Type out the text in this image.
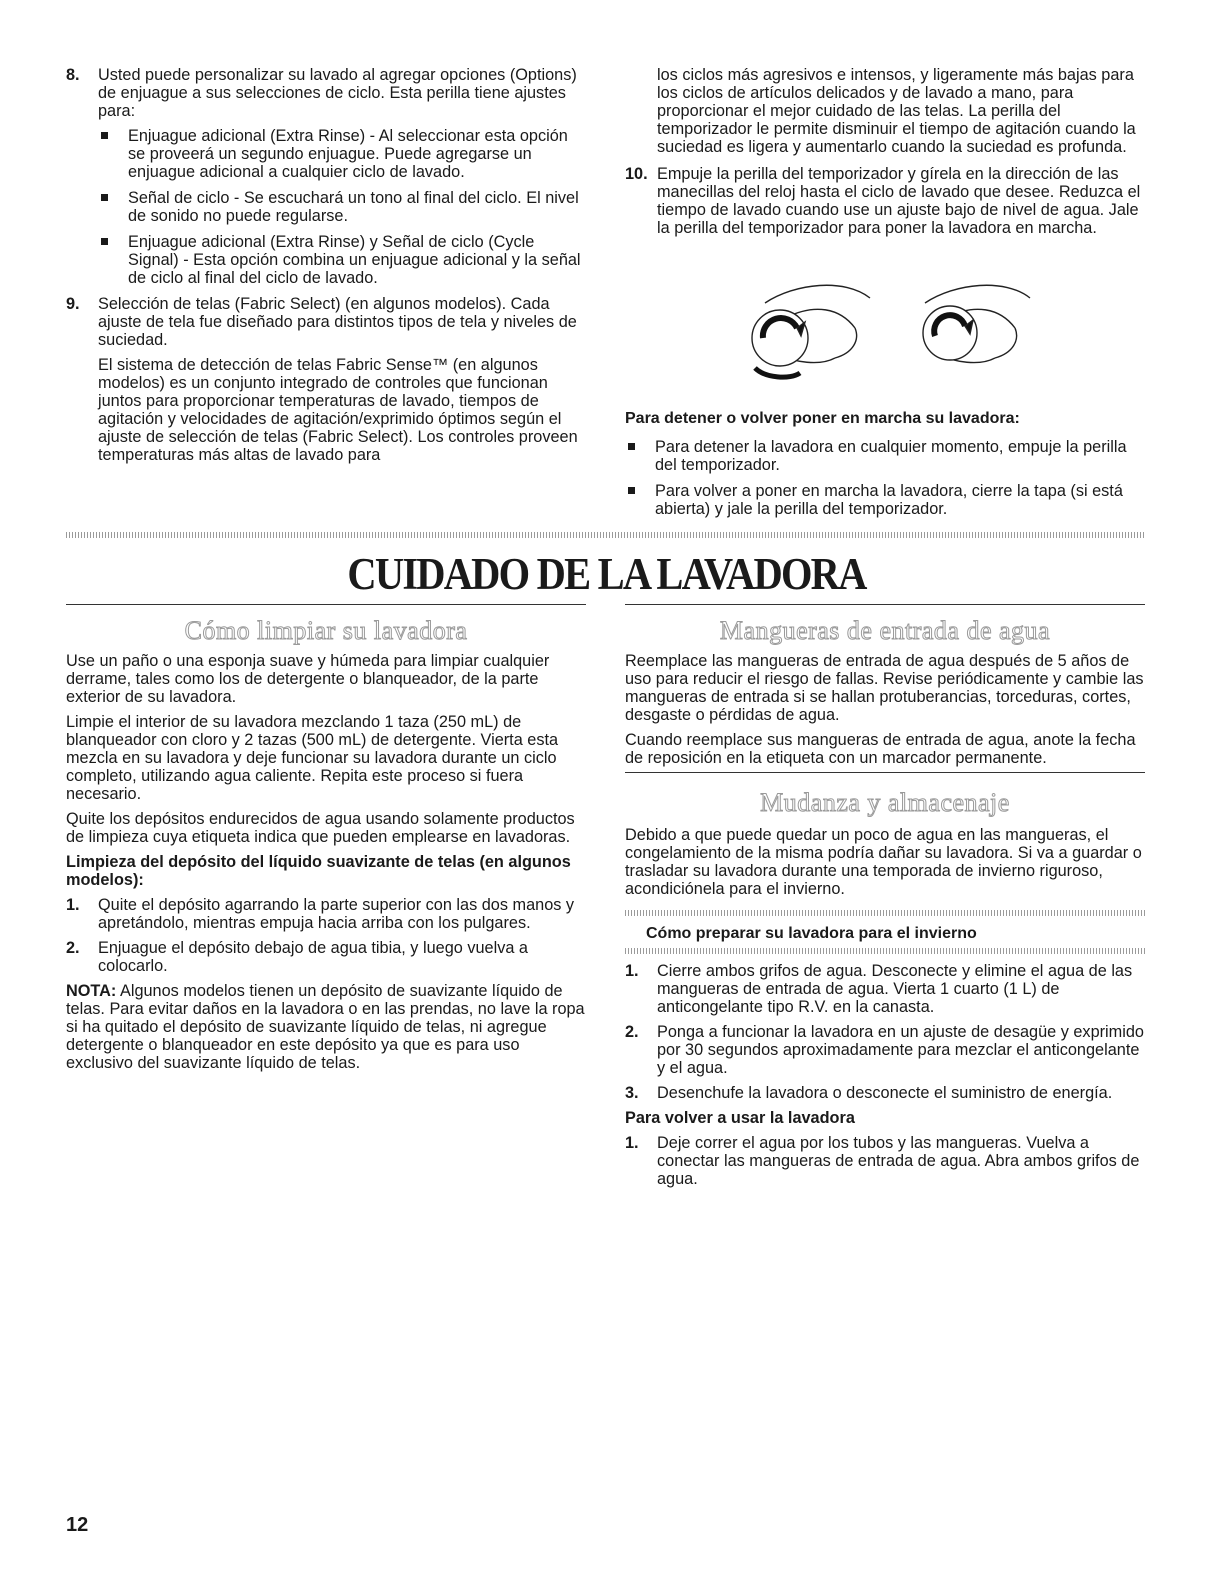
8. Usted puede personalizar su lavado al agregar opciones (Options) de enjuague a sus selecciones de ciclo. Esta perilla tiene ajustes para:

Enjuague adicional (Extra Rinse) - Al seleccionar esta opción se proveerá un segundo enjuague. Puede agregarse un enjuague adicional a cualquier ciclo de lavado.
Señal de ciclo - Se escuchará un tono al final del ciclo. El nivel de sonido no puede regularse.
Enjuague adicional (Extra Rinse) y Señal de ciclo (Cycle Signal) - Esta opción combina un enjuague adicional y la señal de ciclo al final del ciclo de lavado.
9. Selección de telas (Fabric Select) (en algunos modelos). Cada ajuste de tela fue diseñado para distintos tipos de tela y niveles de suciedad.

El sistema de detección de telas Fabric Sense™ (en algunos modelos) es un conjunto integrado de controles que funcionan juntos para proporcionar temperaturas de lavado, tiempos de agitación y velocidades de agitación/exprimido óptimos según el ajuste de selección de telas (Fabric Select). Los controles proveen temperaturas más altas de lavado para

los ciclos más agresivos e intensos, y ligeramente más bajas para los ciclos de artículos delicados y de lavado a mano, para proporcionar el mejor cuidado de las telas. La perilla del temporizador le permite disminuir el tiempo de agitación cuando la suciedad es ligera y aumentarlo cuando la suciedad es profunda.

10. Empuje la perilla del temporizador y gírela en la dirección de las manecillas del reloj hasta el ciclo de lavado que desee. Reduzca el tiempo de lavado cuando use un ajuste bajo de nivel de agua. Jale la perilla del temporizador para poner la lavadora en marcha.

Para detener o volver poner en marcha su lavadora:

Para detener la lavadora en cualquier momento, empuje la perilla del temporizador.
Para volver a poner en marcha la lavadora, cierre la tapa (si está abierta) y jale la perilla del temporizador.
CUIDADO DE LA LAVADORA
Cómo limpiar su lavadora

Use un paño o una esponja suave y húmeda para limpiar cualquier derrame, tales como los de detergente o blanqueador, de la parte exterior de su lavadora.

Limpie el interior de su lavadora mezclando 1 taza (250 mL) de blanqueador con cloro y 2 tazas (500 mL) de detergente. Vierta esta mezcla en su lavadora y deje funcionar su lavadora durante un ciclo completo, utilizando agua caliente. Repita este proceso si fuera necesario.

Quite los depósitos endurecidos de agua usando solamente productos de limpieza cuya etiqueta indica que pueden emplearse en lavadoras.

Limpieza del depósito del líquido suavizante de telas (en algunos modelos):

1. Quite el depósito agarrando la parte superior con las dos manos y apretándolo, mientras empuja hacia arriba con los pulgares.
2. Enjuague el depósito debajo de agua tibia, y luego vuelva a colocarlo.

NOTA: Algunos modelos tienen un depósito de suavizante líquido de telas. Para evitar daños en la lavadora o en las prendas, no lave la ropa si ha quitado el depósito de suavizante líquido de telas, ni agregue detergente o blanqueador en este depósito ya que es para uso exclusivo del suavizante líquido de telas.

Mangueras de entrada de agua

Reemplace las mangueras de entrada de agua después de 5 años de uso para reducir el riesgo de fallas. Revise periódicamente y cambie las mangueras de entrada si se hallan protuberancias, torceduras, cortes, desgaste o pérdidas de agua.

Cuando reemplace sus mangueras de entrada de agua, anote la fecha de reposición en la etiqueta con un marcador permanente.

Mudanza y almacenaje

Debido a que puede quedar un poco de agua en las mangueras, el congelamiento de la misma podría dañar su lavadora. Si va a guardar o trasladar su lavadora durante una temporada de invierno riguroso, acondiciónela para el invierno.

Cómo preparar su lavadora para el invierno
1. Cierre ambos grifos de agua. Desconecte y elimine el agua de las mangueras de entrada de agua. Vierta 1 cuarto (1 L) de anticongelante tipo R.V. en la canasta.
2. Ponga a funcionar la lavadora en un ajuste de desagüe y exprimido por 30 segundos aproximadamente para mezclar el anticongelante y el agua.
3. Desenchufe la lavadora o desconecte el suministro de energía.

Para volver a usar la lavadora

1. Deje correr el agua por los tubos y las mangueras. Vuelva a conectar las mangueras de entrada de agua. Abra ambos grifos de agua.
12
